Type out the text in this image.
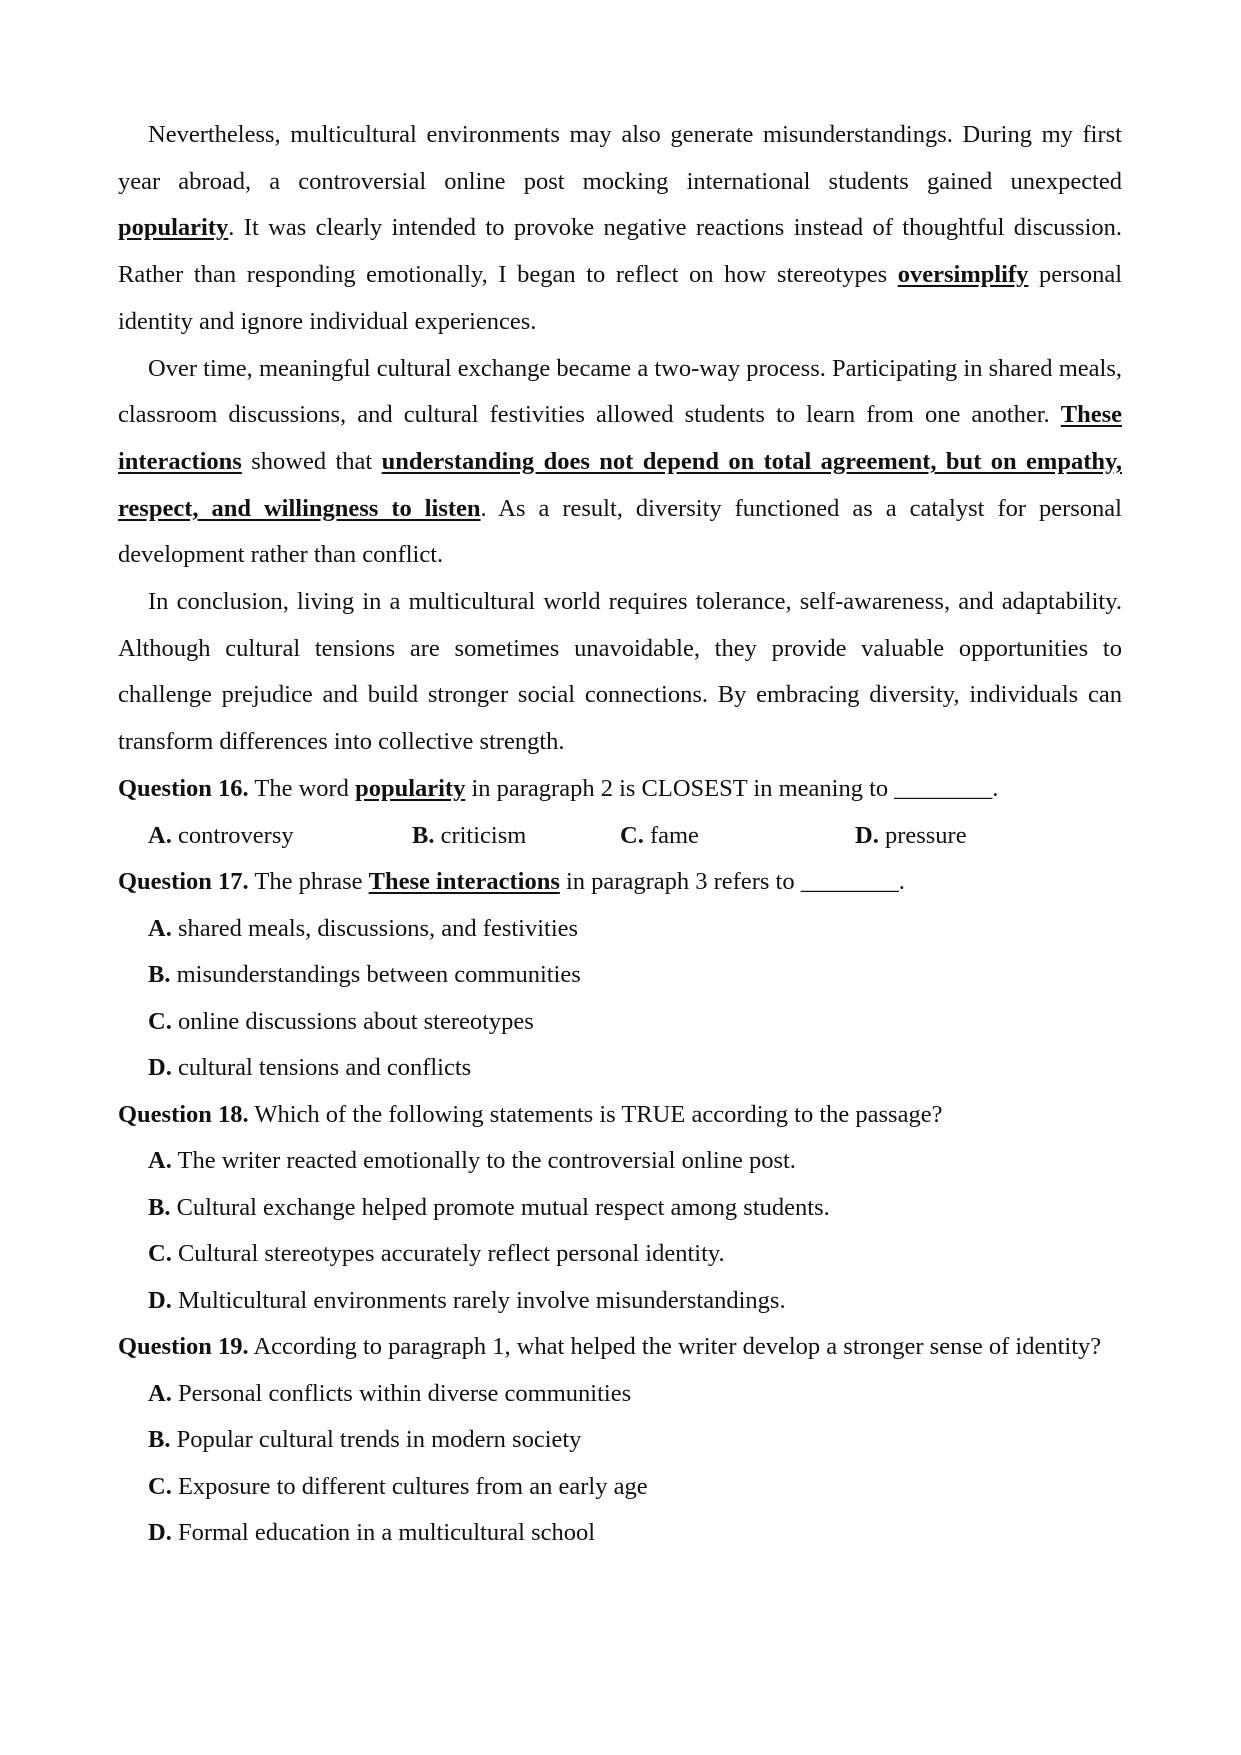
Nevertheless, multicultural environments may also generate misunderstandings. During my first year abroad, a controversial online post mocking international students gained unexpected popularity. It was clearly intended to provoke negative reactions instead of thoughtful discussion. Rather than responding emotionally, I began to reflect on how stereotypes oversimplify personal identity and ignore individual experiences.

Over time, meaningful cultural exchange became a two-way process. Participating in shared meals, classroom discussions, and cultural festivities allowed students to learn from one another. These interactions showed that understanding does not depend on total agreement, but on empathy, respect, and willingness to listen. As a result, diversity functioned as a catalyst for personal development rather than conflict.

In conclusion, living in a multicultural world requires tolerance, self-awareness, and adaptability. Although cultural tensions are sometimes unavoidable, they provide valuable opportunities to challenge prejudice and build stronger social connections. By embracing diversity, individuals can transform differences into collective strength.

Question 16. The word popularity in paragraph 2 is CLOSEST in meaning to ________.

A. controversy	B. criticism	C. fame	D. pressure

Question 17. The phrase These interactions in paragraph 3 refers to ________.

A. shared meals, discussions, and festivities

B. misunderstandings between communities

C. online discussions about stereotypes

D. cultural tensions and conflicts

Question 18. Which of the following statements is TRUE according to the passage?

A. The writer reacted emotionally to the controversial online post.

B. Cultural exchange helped promote mutual respect among students.

C. Cultural stereotypes accurately reflect personal identity.

D. Multicultural environments rarely involve misunderstandings.

Question 19. According to paragraph 1, what helped the writer develop a stronger sense of identity?

A. Personal conflicts within diverse communities

B. Popular cultural trends in modern society

C. Exposure to different cultures from an early age

D. Formal education in a multicultural school
